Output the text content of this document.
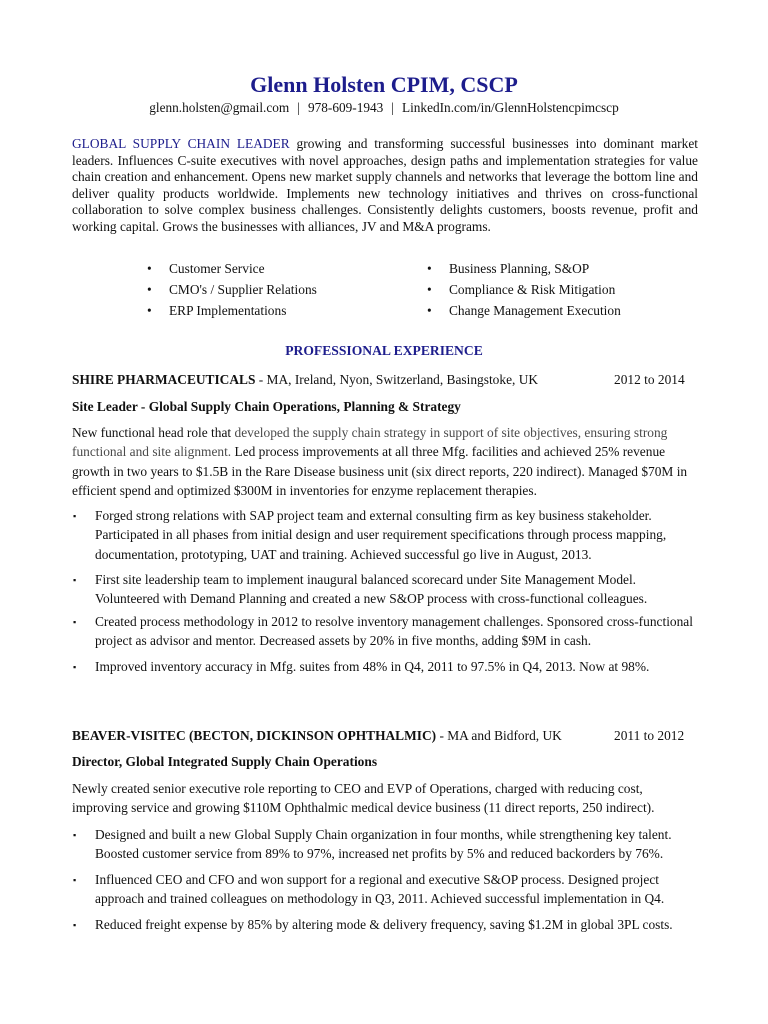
Glenn Holsten CPIM, CSCP
glenn.holsten@gmail.com | 978-609-1943 | LinkedIn.com/in/GlennHolstencpimcscp
GLOBAL SUPPLY CHAIN LEADER growing and transforming successful businesses into dominant market leaders. Influences C-suite executives with novel approaches, design paths and implementation strategies for value chain creation and enhancement. Opens new market supply channels and networks that leverage the bottom line and deliver quality products worldwide. Implements new technology initiatives and thrives on cross-functional collaboration to solve complex business challenges. Consistently delights customers, boosts revenue, profit and working capital. Grows the businesses with alliances, JV and M&A programs.
• Customer Service
• CMO's / Supplier Relations
• ERP Implementations
• Business Planning, S&OP
• Compliance & Risk Mitigation
• Change Management Execution
PROFESSIONAL EXPERIENCE
SHIRE PHARMACEUTICALS - MA, Ireland, Nyon, Switzerland, Basingstoke, UK	2012 to 2014
Site Leader - Global Supply Chain Operations, Planning & Strategy
New functional head role that developed the supply chain strategy in support of site objectives, ensuring strong functional and site alignment. Led process improvements at all three Mfg. facilities and achieved 25% revenue growth in two years to $1.5B in the Rare Disease business unit (six direct reports, 220 indirect). Managed $70M in efficient spend and optimized $300M in inventories for enzyme replacement therapies.
▪ Forged strong relations with SAP project team and external consulting firm as key business stakeholder. Participated in all phases from initial design and user requirement specifications through process mapping, documentation, prototyping, UAT and training. Achieved successful go live in August, 2013.
▪ First site leadership team to implement inaugural balanced scorecard under Site Management Model. Volunteered with Demand Planning and created a new S&OP process with cross-functional colleagues.
▪ Created process methodology in 2012 to resolve inventory management challenges. Sponsored cross-functional project as advisor and mentor. Decreased assets by 20% in five months, adding $9M in cash.
▪ Improved inventory accuracy in Mfg. suites from 48% in Q4, 2011 to 97.5% in Q4, 2013. Now at 98%.
BEAVER-VISITEC (BECTON, DICKINSON OPHTHALMIC) - MA and Bidford, UK	2011 to 2012
Director, Global Integrated Supply Chain Operations
Newly created senior executive role reporting to CEO and EVP of Operations, charged with reducing cost, improving service and growing $110M Ophthalmic medical device business (11 direct reports, 250 indirect).
▪ Designed and built a new Global Supply Chain organization in four months, while strengthening key talent. Boosted customer service from 89% to 97%, increased net profits by 5% and reduced backorders by 76%.
▪ Influenced CEO and CFO and won support for a regional and executive S&OP process. Designed project approach and trained colleagues on methodology in Q3, 2011. Achieved successful implementation in Q4.
▪ Reduced freight expense by 85% by altering mode & delivery frequency, saving $1.2M in global 3PL costs.
